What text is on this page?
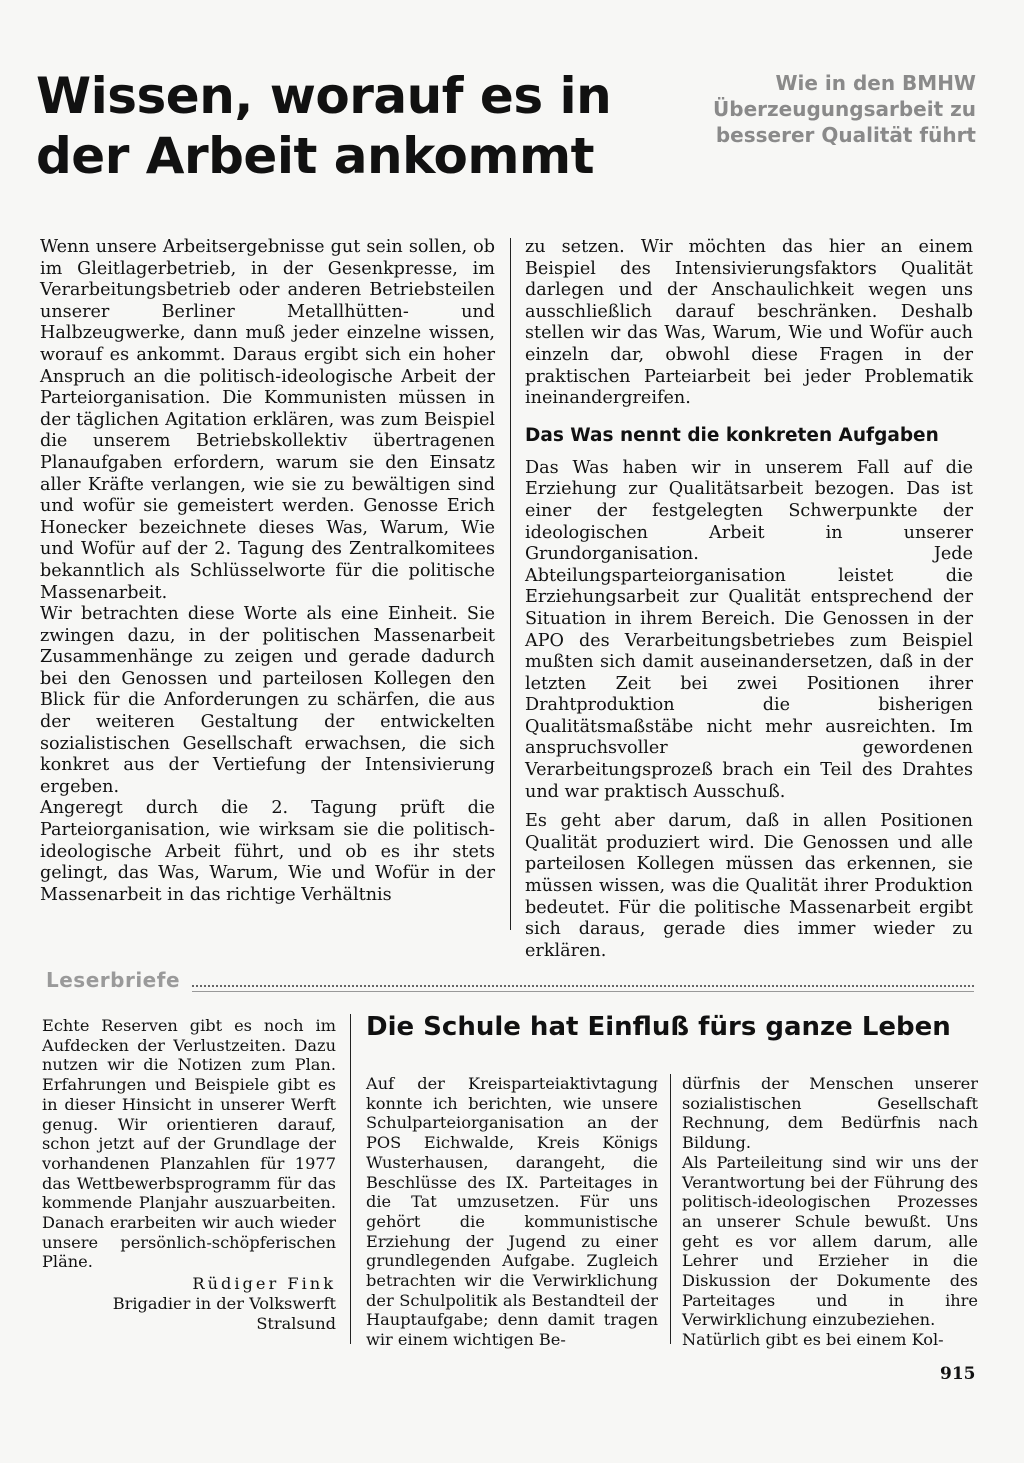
Wissen, worauf es in der Arbeit ankommt
Wie in den BMHW Überzeugungsarbeit zu besserer Qualität führt

Wenn unsere Arbeitsergebnisse gut sein sollen, ob im Gleitlagerbetrieb, in der Gesenkpresse, im Verarbeitungsbetrieb oder anderen Betriebsteilen unserer Berliner Metallhütten- und Halbzeugwerke, dann muß jeder einzelne wissen, worauf es ankommt. Daraus ergibt sich ein hoher Anspruch an die politisch-ideologische Arbeit der Parteiorganisation. Die Kommunisten müssen in der täglichen Agitation erklären, was zum Beispiel die unserem Betriebskollektiv übertragenen Planaufgaben erfordern, warum sie den Einsatz aller Kräfte verlangen, wie sie zu bewältigen sind und wofür sie gemeistert werden. Genosse Erich Honecker bezeichnete dieses Was, Warum, Wie und Wofür auf der 2. Tagung des Zentralkomitees bekanntlich als Schlüsselworte für die politische Massenarbeit.

Wir betrachten diese Worte als eine Einheit. Sie zwingen dazu, in der politischen Massenarbeit Zusammenhänge zu zeigen und gerade dadurch bei den Genossen und parteilosen Kollegen den Blick für die Anforderungen zu schärfen, die aus der weiteren Gestaltung der entwickelten sozialistischen Gesellschaft erwachsen, die sich konkret aus der Vertiefung der Intensivierung ergeben.

Angeregt durch die 2. Tagung prüft die Parteiorganisation, wie wirksam sie die politisch-ideologische Arbeit führt, und ob es ihr stets gelingt, das Was, Warum, Wie und Wofür in der Massenarbeit in das richtige Verhältnis

zu setzen. Wir möchten das hier an einem Beispiel des Intensivierungsfaktors Qualität darlegen und der Anschaulichkeit wegen uns ausschließlich darauf beschränken. Deshalb stellen wir das Was, Warum, Wie und Wofür auch einzeln dar, obwohl diese Fragen in der praktischen Parteiarbeit bei jeder Problematik ineinandergreifen.

Das Was nennt die konkreten Aufgaben

Das Was haben wir in unserem Fall auf die Erziehung zur Qualitätsarbeit bezogen. Das ist einer der festgelegten Schwerpunkte der ideologischen Arbeit in unserer Grundorganisation. Jede Abteilungsparteiorganisation leistet die Erziehungsarbeit zur Qualität entsprechend der Situation in ihrem Bereich. Die Genossen in der APO des Verarbeitungsbetriebes zum Beispiel mußten sich damit auseinandersetzen, daß in der letzten Zeit bei zwei Positionen ihrer Drahtproduktion die bisherigen Qualitätsmaßstäbe nicht mehr ausreichten. Im anspruchsvoller gewordenen Verarbeitungsprozeß brach ein Teil des Drahtes und war praktisch Ausschuß.

Es geht aber darum, daß in allen Positionen Qualität produziert wird. Die Genossen und alle parteilosen Kollegen müssen das erkennen, sie müssen wissen, was die Qualität ihrer Produktion bedeutet. Für die politische Massenarbeit ergibt sich daraus, gerade dies immer wieder zu erklären.

Leserbriefe

Echte Reserven gibt es noch im Aufdecken der Verlustzeiten. Dazu nutzen wir die Notizen zum Plan. Erfahrungen und Beispiele gibt es in dieser Hinsicht in unserer Werft genug. Wir orientieren darauf, schon jetzt auf der Grundlage der vorhandenen Planzahlen für 1977 das Wettbewerbsprogramm für das kommende Planjahr auszuarbeiten. Danach erarbeiten wir auch wieder unsere persönlich-schöpferischen Pläne.

Rüdiger Fink
Brigadier in der Volkswerft
Stralsund
Die Schule hat Einfluß fürs ganze Leben

Auf der Kreisparteiaktivtagung konnte ich berichten, wie unsere Schulparteiorganisation an der POS Eichwalde, Kreis Königs Wusterhausen, darangeht, die Beschlüsse des IX. Parteitages in die Tat umzusetzen. Für uns gehört die kommunistische Erziehung der Jugend zu einer grundlegenden Aufgabe. Zugleich betrachten wir die Verwirklichung der Schulpolitik als Bestandteil der Hauptaufgabe; denn damit tragen wir einem wichtigen Be-

dürfnis der Menschen unserer sozialistischen Gesellschaft Rechnung, dem Bedürfnis nach Bildung.

Als Parteileitung sind wir uns der Verantwortung bei der Führung des politisch-ideologischen Prozesses an unserer Schule bewußt. Uns geht es vor allem darum, alle Lehrer und Erzieher in die Diskussion der Dokumente des Parteitages und in ihre Verwirklichung einzubeziehen.

Natürlich gibt es bei einem Kol-

915
